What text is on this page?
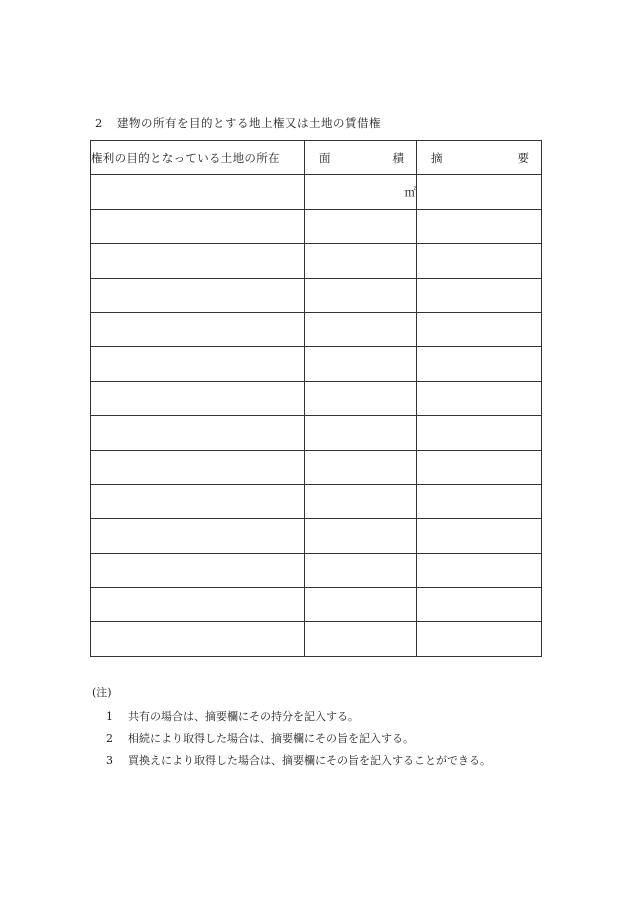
2 建物の所有を目的とする地上権又は土地の賃借権
権利の目的となっている土地の所在	面 積	摘 要

	㎡	

(注)
1 共有の場合は、摘要欄にその持分を記入する。
2 相続により取得した場合は、摘要欄にその旨を記入する。
3 買換えにより取得した場合は、摘要欄にその旨を記入することができる。
